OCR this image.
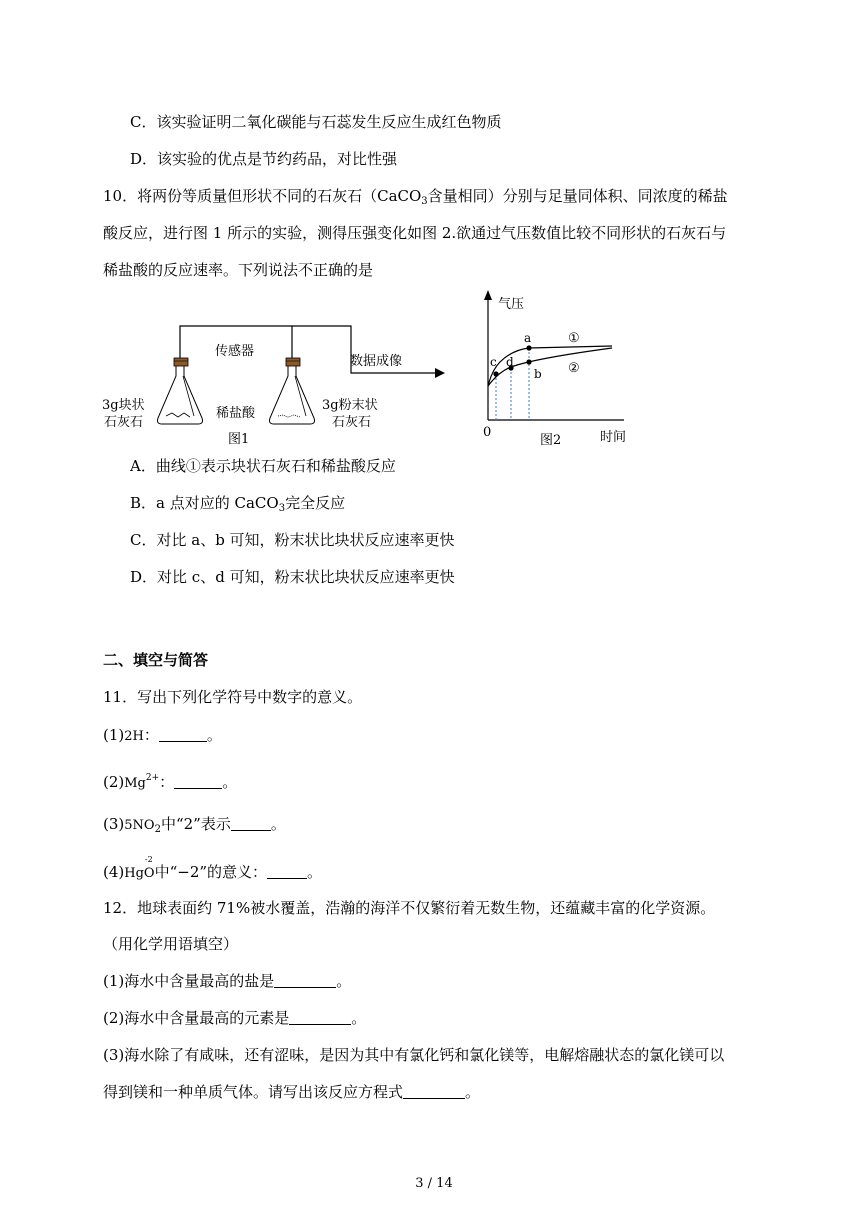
C．该实验证明二氧化碳能与石蕊发生反应生成红色物质
D．该实验的优点是节约药品，对比性强
10．将两份等质量但形状不同的石灰石（CaCO$_3$含量相同）分别与足量同体积、同浓度的稀盐
酸反应，进行图 1 所示的实验，测得压强变化如图 2.欲通过气压数值比较不同形状的石灰石与
稀盐酸的反应速率。下列说法不正确的是
传感器
数据成像
3g块状
石灰石
稀盐酸
3g粉末状
石灰石
图1
气压
a
b
c d
①
②
0
图2	时间
A．曲线①表示块状石灰石和稀盐酸反应
B．a 点对应的 CaCO$_3$完全反应
C．对比 a、b 可知，粉末状比块状反应速率更快
D．对比 c、d 可知，粉末状比块状反应速率更快
二、填空与简答
11．写出下列化学符号中数字的意义。
(1)2H：	。
$(2)Mg^{2+}$：	。
$(3)5NO_2$中“2”表示	。
(4)Hg
-2
O中“−2”的意义：	。
12．地球表面约 71%被水覆盖，浩瀚的海洋不仅繁衍着无数生物，还蕴藏丰富的化学资源。
（用化学用语填空）
(1)海水中含量最高的盐是	。
(2)海水中含量最高的元素是	。
(3)海水除了有咸味，还有涩味，是因为其中有氯化钙和氯化镁等，电解熔融状态的氯化镁可以
得到镁和一种单质气体。请写出该反应方程式	。
3 / 14
